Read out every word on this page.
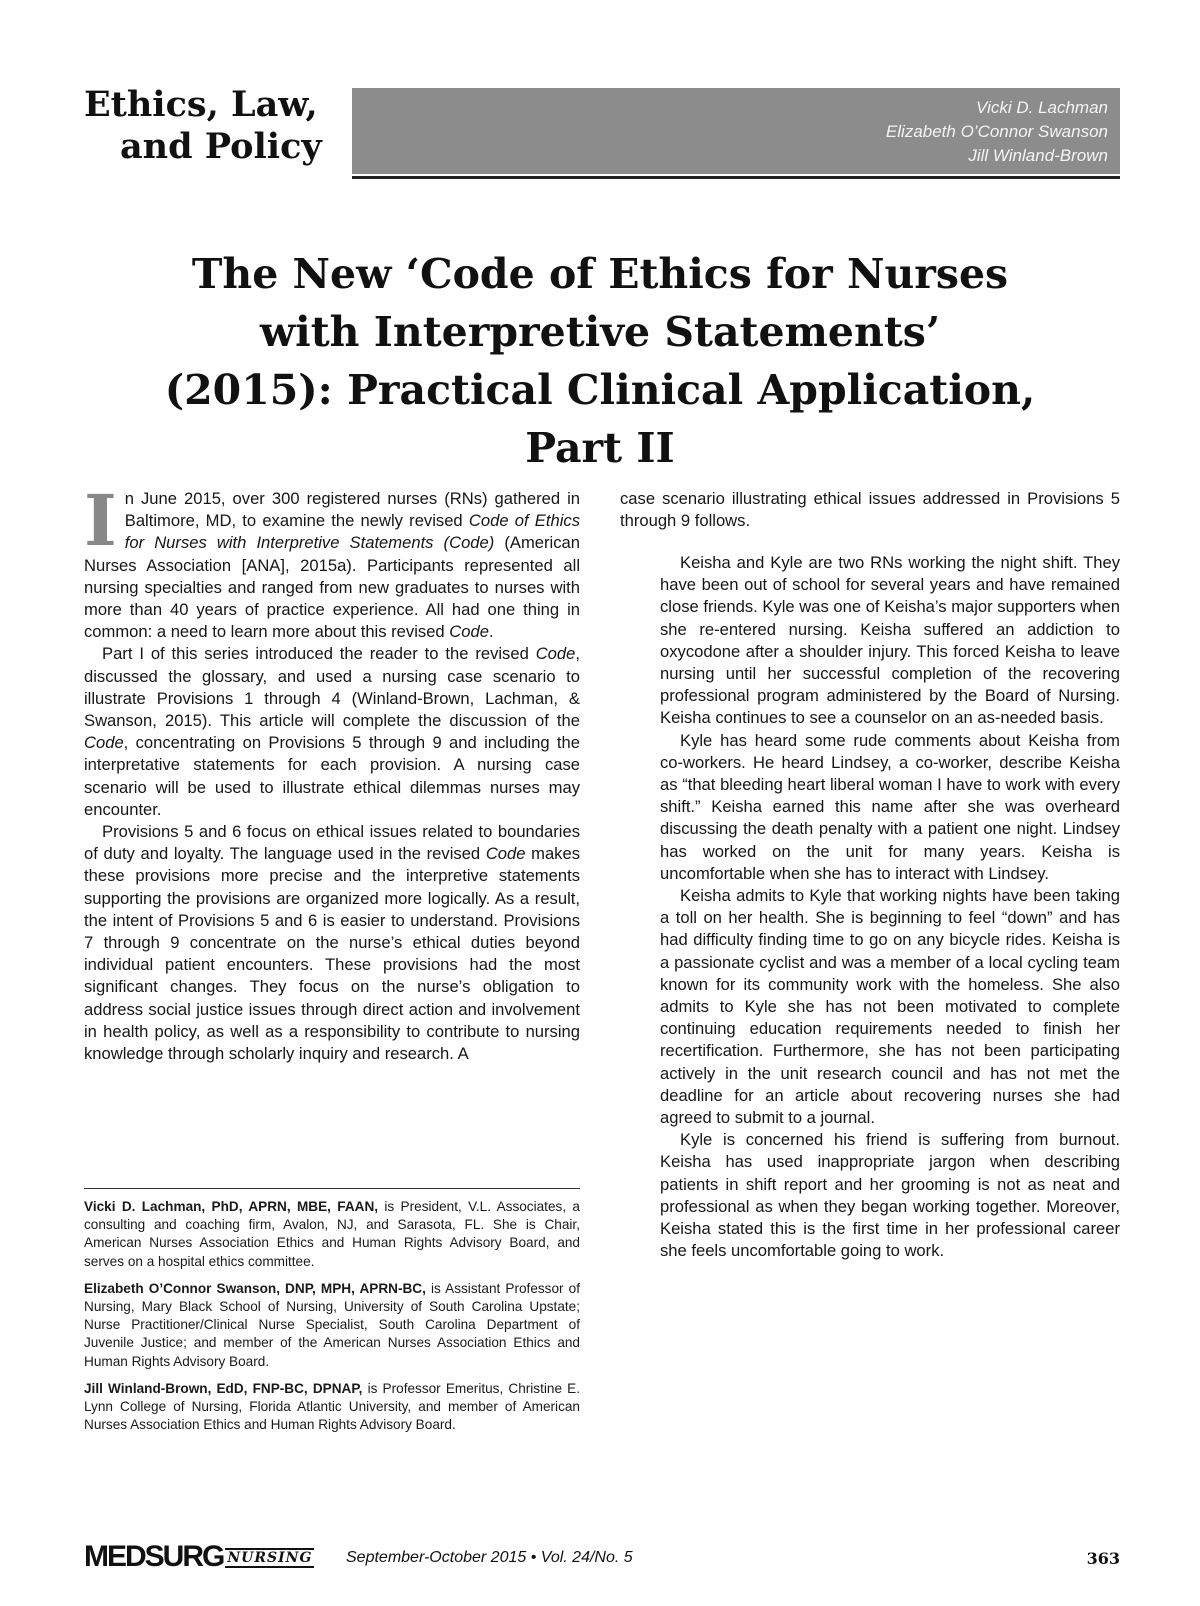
Ethics, Law,
and Policy
Vicki D. Lachman
Elizabeth O’Connor Swanson
Jill Winland-Brown
The New ‘Code of Ethics for Nurses
with Interpretive Statements’
(2015): Practical Clinical Application,
Part II

In June 2015, over 300 registered nurses (RNs) gathered in Baltimore, MD, to examine the newly revised Code of Ethics for Nurses with Interpretive Statements (Code) (American Nurses Association [ANA], 2015a). Participants represented all nursing specialties and ranged from new graduates to nurses with more than 40 years of practice experience. All had one thing in common: a need to learn more about this revised Code.

Part I of this series introduced the reader to the revised Code, discussed the glossary, and used a nursing case scenario to illustrate Provisions 1 through 4 (Winland-Brown, Lachman, & Swanson, 2015). This article will complete the discussion of the Code, concentrating on Provisions 5 through 9 and including the interpretative statements for each provision. A nursing case scenario will be used to illustrate ethical dilemmas nurses may encounter.

Provisions 5 and 6 focus on ethical issues related to boundaries of duty and loyalty. The language used in the revised Code makes these provisions more precise and the interpretive statements supporting the provisions are organized more logically. As a result, the intent of Provisions 5 and 6 is easier to understand. Provisions 7 through 9 concentrate on the nurse’s ethical duties beyond individual patient encounters. These provisions had the most significant changes. They focus on the nurse’s obligation to address social justice issues through direct action and involvement in health policy, as well as a responsibility to contribute to nursing knowledge through scholarly inquiry and research. A

case scenario illustrating ethical issues addressed in Provisions 5 through 9 follows.

Keisha and Kyle are two RNs working the night shift. They have been out of school for several years and have remained close friends. Kyle was one of Keisha’s major supporters when she re-entered nursing. Keisha suffered an addiction to oxycodone after a shoulder injury. This forced Keisha to leave nursing until her successful completion of the recovering professional program administered by the Board of Nursing. Keisha continues to see a counselor on an as-needed basis.

Kyle has heard some rude comments about Keisha from co-workers. He heard Lindsey, a co-worker, describe Keisha as “that bleeding heart liberal woman I have to work with every shift.” Keisha earned this name after she was overheard discussing the death penalty with a patient one night. Lindsey has worked on the unit for many years. Keisha is uncomfortable when she has to interact with Lindsey.

Keisha admits to Kyle that working nights have been taking a toll on her health. She is beginning to feel “down” and has had difficulty finding time to go on any bicycle rides. Keisha is a passionate cyclist and was a member of a local cycling team known for its community work with the homeless. She also admits to Kyle she has not been motivated to complete continuing education requirements needed to finish her recertification. Furthermore, she has not been participating actively in the unit research council and has not met the deadline for an article about recovering nurses she had agreed to submit to a journal.

Kyle is concerned his friend is suffering from burnout. Keisha has used inappropriate jargon when describing patients in shift report and her grooming is not as neat and professional as when they began working together. Moreover, Keisha stated this is the first time in her professional career she feels uncomfortable going to work.

Vicki D. Lachman, PhD, APRN, MBE, FAAN, is President, V.L. Associates, a consulting and coaching firm, Avalon, NJ, and Sarasota, FL. She is Chair, American Nurses Association Ethics and Human Rights Advisory Board, and serves on a hospital ethics committee.

Elizabeth O’Connor Swanson, DNP, MPH, APRN-BC, is Assistant Professor of Nursing, Mary Black School of Nursing, University of South Carolina Upstate; Nurse Practitioner/Clinical Nurse Specialist, South Carolina Department of Juvenile Justice; and member of the American Nurses Association Ethics and Human Rights Advisory Board.

Jill Winland-Brown, EdD, FNP-BC, DPNAP, is Professor Emeritus, Christine E. Lynn College of Nursing, Florida Atlantic University, and member of American Nurses Association Ethics and Human Rights Advisory Board.

MEDSURG NURSING September-October 2015 • Vol. 24/No. 5	363
